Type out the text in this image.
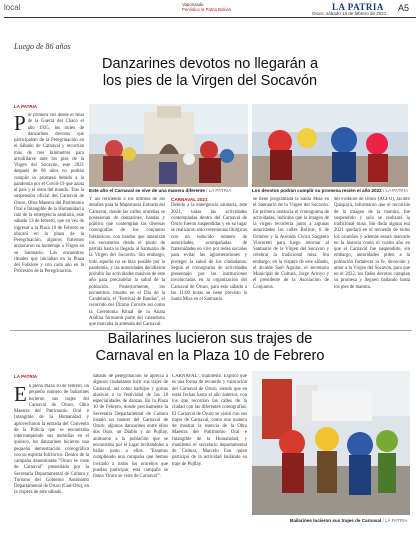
local	Vaporizado
Periódico la Patria Bolivia	LA PATRIA
Oruro, sábado 13 de febrero de 2021
A5
Luego de 86 años
Danzarines devotos no llegarán a
los pies de la Virgen del Socavón
LA PATRIA
Por primera vez desde el final de la Guerra del Chaco el año 1935, los miles de danzarines devotos que participaban de la Peregrinación en el Sábado de Carnaval y recorrían más de tres kilómetros para arrodillarse ante los pies de la Virgen del Socavón, este 2021 después de 86 años no podrán cumplir su promesa debido a la pandemia por el Covid-19 que azota al país y el resto del mundo. Tras la suspensión oficial del Carnaval de Oruro, Obra Maestra del Patrimonio Oral e Intangible de la Humanidad a raíz de la emergencia sanitaria, este sábado 13 de febrero, que en vez de ingresar a la Plaza 10 de Febrero se ubicará en la plaza de la Peregrinación, algunos fraternos arrancaron su homenaje a Virgen en su Santuario. Los encuentros rituales que iniciaban en la Plaza del Folklore y con cada año en la Procesión de la Peregrinación.
Este año el Carnaval se vive de una manera diferente / LA PATRIA	Los devotos podrán cumplir su promesa recién el año 2022 / LA PATRIA
Y así refiriendo a los últimos de los detalles para la Majestuosa Entrada del Carnaval, donde las calles orureñas se posesionan de danzarines, bandas y público que contemplan las diversas coreografías de los conjuntos folklóricos, con bandas que amenizan los encuentros desde el punto de partida hasta la llegada al Santuario de la Virgen del Socavón. Sin embargo, todo aquello no se hizo posible por la pandemia, y las autoridades decidieron prohibir las actividades masivas de este año para precautelar la salud de la población. Posteriormente, los encuentros rituales en el Día de la Candelaria, el "Festival de Bandas", el recorrido del Último Convite así como la Ceremonia Ritual de la Anata Andina formaron parte del calendario que marcaba la antesala del Carnaval.
CARNAVAL 2021
Debido a la emergencia sanitaria, este 2021, todas las actividades contempladas dentro del Carnaval de Oruro fueron suspendidas y en su lugar se realizaron solo ceremonias litúrgicas con un reducido número de autoridades, acompañadas de fraternidades en vivo por redes sociales para evitar las aglomeraciones y proteger la salud de los ciudadanos. Según el cronograma de actividades presentado por las instituciones involucradas en la organización del Carnaval de Oruro, para este sábado a las 11:00 horas se tiene previsto la Santa Misa en el Santuario.
se tiene programada la Santa Misa en el Santuario de la Virgen del Socavón. En primera instancia el cronograma de actividades, indicaba que la imagen de la virgen recorrería junto a algunas autoridades las calles Bolívar, 6 de Octubre y la Avenida Cívica Sargento Vinceretti para luego retornar al Santuario de la Virgen del Socavón y celebrar la tradicional misa. Sin embargo, en la víspera de este sábado, el alcalde Saúl Aguilar, el secretario Municipal de Cultura, Jorge Arroyo y el presidente de la Asociación de Conjuntos.
del Folklore de Oruro (ACFO), Jacinto Quispaya, informaron que el recorrido de la imagen de la mamita, fue suspendido y solo se realizará la tradicional misa. Sin duda alguna esa 2021 quedará en el recuerdo de todos los orureños y además estará marcado en la historia como el cuarto año en que el Carnaval fue suspendido, sin embargo, autoridades piden a la población fortalecer la fe, devoción y amor a la Virgen del Socavón, para que en el 2022, los fieles devotos cumplan su promesa y lleguen bailando hasta los pies de mamita.
Bailarines lucieron sus trajes de
Carnaval en la Plaza 10 de Febrero
LA PATRIA
En plena Plaza 10 de febrero, un pequeño número de bailarines lucieron sus trajes del Carnaval de Oruro, Obra Maestra del Patrimonio Oral e Intangible de la Humanidad y aprovecharon la entrada del Convento de la Policía que se encontraba interrumpiendo sus melodías en el quiosco, los danzarines hicieron una pequeña demostración coreográfica con su espíritu folclórico. Dentro de la campaña denominada "Oruro se viste de Carnaval" presentada por la Secretaría Departamental de Cultura y Turismo del Gobierno Autónomo Departamental de Oruro (Gad-Oru), en la víspera de este sábado.
sábado de peregrinación se aprecia a algunos ciudadanos lucir sus trajes de Carnaval, así como barbijos y gorras alusivas a la festividad de los 18 especialidades de danzas. En la Plaza 10 de Febrero, donde precisamente la Secretaría Departamental de Cultura instaló un banner del Carnaval de Oruro, algunos danzarines entre ellos dos Osos, un Diablo y un Pujllay, animaron a la población que se encontraba por el lugar invitándoles a bailar junto a ellos. "Estamos cumpliendo una campaña que hemos invitado a todos los orureños que puedan participar, esta campaña se llama 'Oruro se viste de Carnaval'".
CARNAVAL", manifestó. Explicó que es una forma de recuerdo y valoración del Carnaval de Oruro, siendo que en estas fechas hasta el año anterior, con los que recorrían las calles de la ciudad con las diferentes coreografías. El Carnaval de Oruro se vistió con sus trajes de Carnaval, como una manera de mostrar la esencia de la Obra Maestra del Patrimonio Oral e Intangible de la Humanidad, y manifestó el secretario departamental de Cultura, Marcelo Fan quien participó de la actividad bailando su traje de Pujllay.
Bailarines lucieron sus trajes de Carnaval / LA PATRIA
